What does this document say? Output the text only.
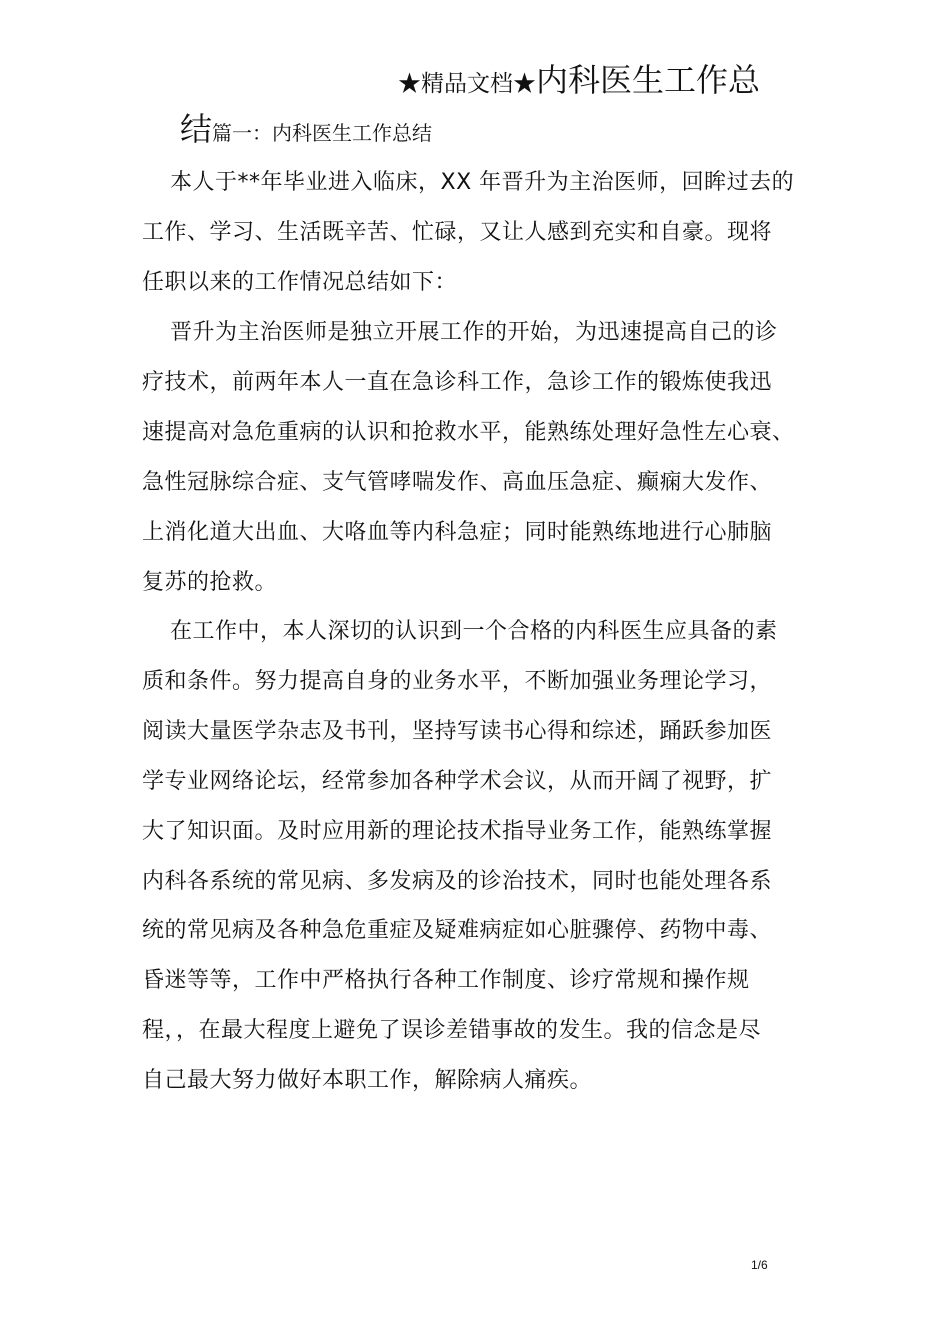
★精品文档★内科医生工作总
结篇一：内科医生工作总结
本人于**年毕业进入临床，XX 年晋升为主治医师，回眸过去的
工作、学习、生活既辛苦、忙碌，又让人感到充实和自豪。现将
任职以来的工作情况总结如下：
晋升为主治医师是独立开展工作的开始，为迅速提高自己的诊
疗技术，前两年本人一直在急诊科工作，急诊工作的锻炼使我迅
速提高对急危重病的认识和抢救水平，能熟练处理好急性左心衰、
急性冠脉综合症、支气管哮喘发作、高血压急症、癫痫大发作、
上消化道大出血、大咯血等内科急症；同时能熟练地进行心肺脑
复苏的抢救。
在工作中，本人深切的认识到一个合格的内科医生应具备的素
质和条件。努力提高自身的业务水平，不断加强业务理论学习，
阅读大量医学杂志及书刊，坚持写读书心得和综述，踊跃参加医
学专业网络论坛，经常参加各种学术会议，从而开阔了视野，扩
大了知识面。及时应用新的理论技术指导业务工作，能熟练掌握
内科各系统的常见病、多发病及的诊治技术，同时也能处理各系
统的常见病及各种急危重症及疑难病症如心脏骤停、药物中毒、
昏迷等等，工作中严格执行各种工作制度、诊疗常规和操作规
程，，在最大程度上避免了误诊差错事故的发生。我的信念是尽
自己最大努力做好本职工作，解除病人痛疾。
1/6
